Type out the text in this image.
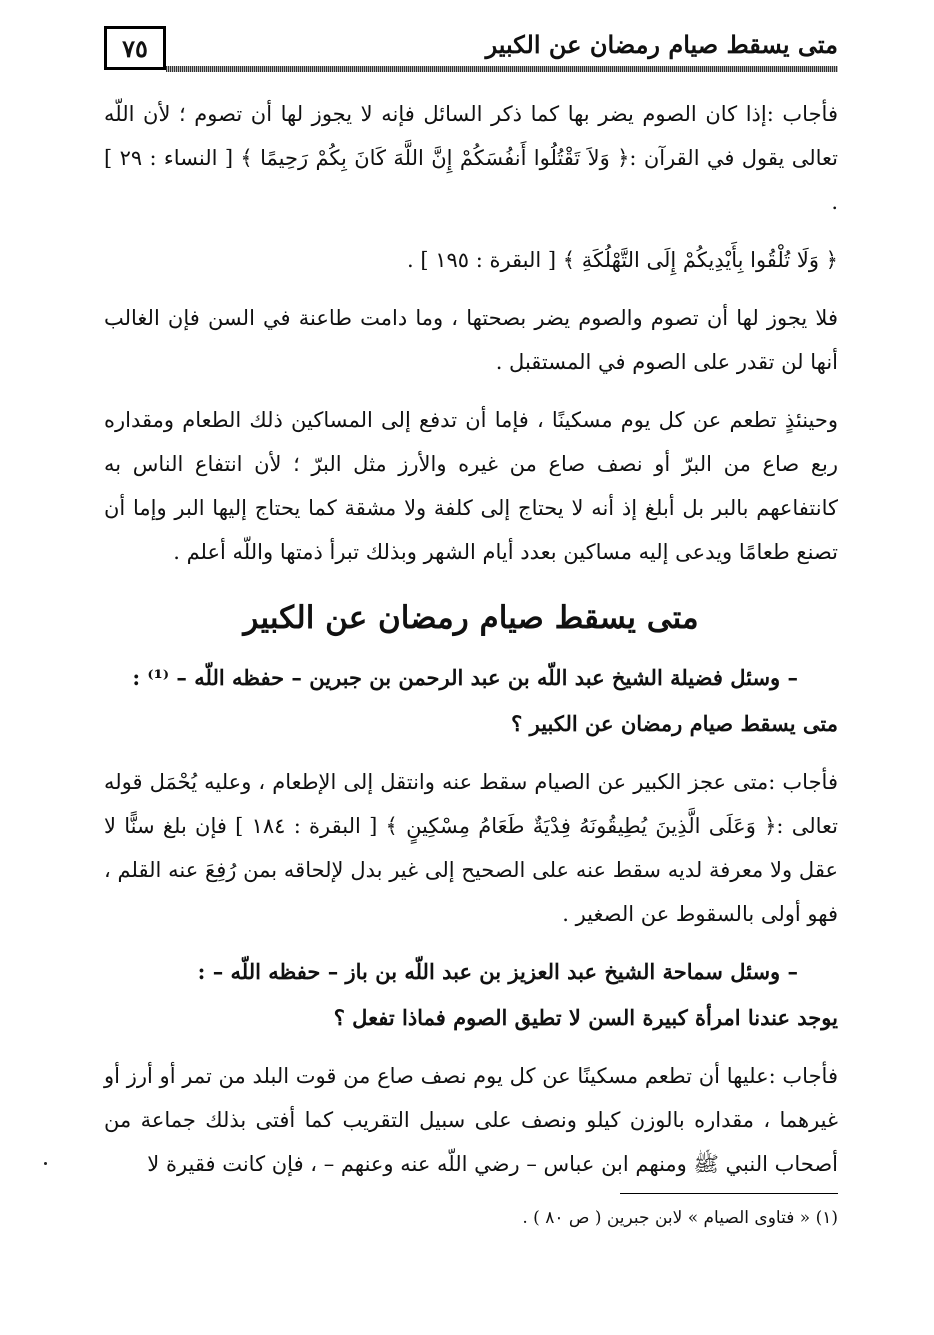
٧٥	متى يسقط صيام رمضان عن الكبير

فأجاب :إذا كان الصوم يضر بها كما ذكر السائل فإنه لا يجوز لها أن تصوم ؛ لأن اللّه تعالى يقول في القرآن :﴿ وَلاَ تَقْتُلُوا أَنفُسَكُمْ إِنَّ اللَّهَ كَانَ بِكُمْ رَحِيمًا ﴾ [ النساء : ٢٩ ] .

﴿ وَلَا تُلْقُوا بِأَيْدِيكُمْ إِلَى التَّهْلُكَةِ ﴾ [ البقرة : ١٩٥ ] .

فلا يجوز لها أن تصوم والصوم يضر بصحتها ، وما دامت طاعنة في السن فإن الغالب أنها لن تقدر على الصوم في المستقبل .

وحينئذٍ تطعم عن كل يوم مسكينًا ، فإما أن تدفع إلى المساكين ذلك الطعام ومقداره ربع صاع من البرّ أو نصف صاع من غيره والأرز مثل البرّ ؛ لأن انتفاع الناس به كانتفاعهم بالبر بل أبلغ إذ أنه لا يحتاج إلى كلفة ولا مشقة كما يحتاج إليها البر وإما أن تصنع طعامًا ويدعى إليه مساكين بعدد أيام الشهر وبذلك تبرأ ذمتها واللّه أعلم .

متى يسقط صيام رمضان عن الكبير

– وسئل فضيلة الشيخ عبد اللّه بن عبد الرحمن بن جبرين – حفظه اللّه – ⁽¹⁾ :

متى يسقط صيام رمضان عن الكبير ؟

فأجاب :متى عجز الكبير عن الصيام سقط عنه وانتقل إلى الإطعام ، وعليه يُحْمَل قوله تعالى :﴿ وَعَلَى الَّذِينَ يُطِيقُونَهُ فِدْيَةٌ طَعَامُ مِسْكِينٍ ﴾ [ البقرة : ١٨٤ ] فإن بلغ سنًّا لا عقل ولا معرفة لديه سقط عنه على الصحيح إلى غير بدل لإلحاقه بمن رُفِعَ عنه القلم ، فهو أولى بالسقوط عن الصغير .

– وسئل سماحة الشيخ عبد العزيز بن عبد اللّه بن باز – حفظه اللّه – :

يوجد عندنا امرأة كبيرة السن لا تطيق الصوم فماذا تفعل ؟

فأجاب :عليها أن تطعم مسكينًا عن كل يوم نصف صاع من قوت البلد من تمر أو أرز أو غيرهما ، مقداره بالوزن كيلو ونصف على سبيل التقريب كما أفتى بذلك جماعة من أصحاب النبي ﷺ ومنهم ابن عباس – رضي اللّه عنه وعنهم – ، فإن كانت فقيرة لا

(١) « فتاوى الصيام » لابن جبرين ( ص ٨٠ ) .
